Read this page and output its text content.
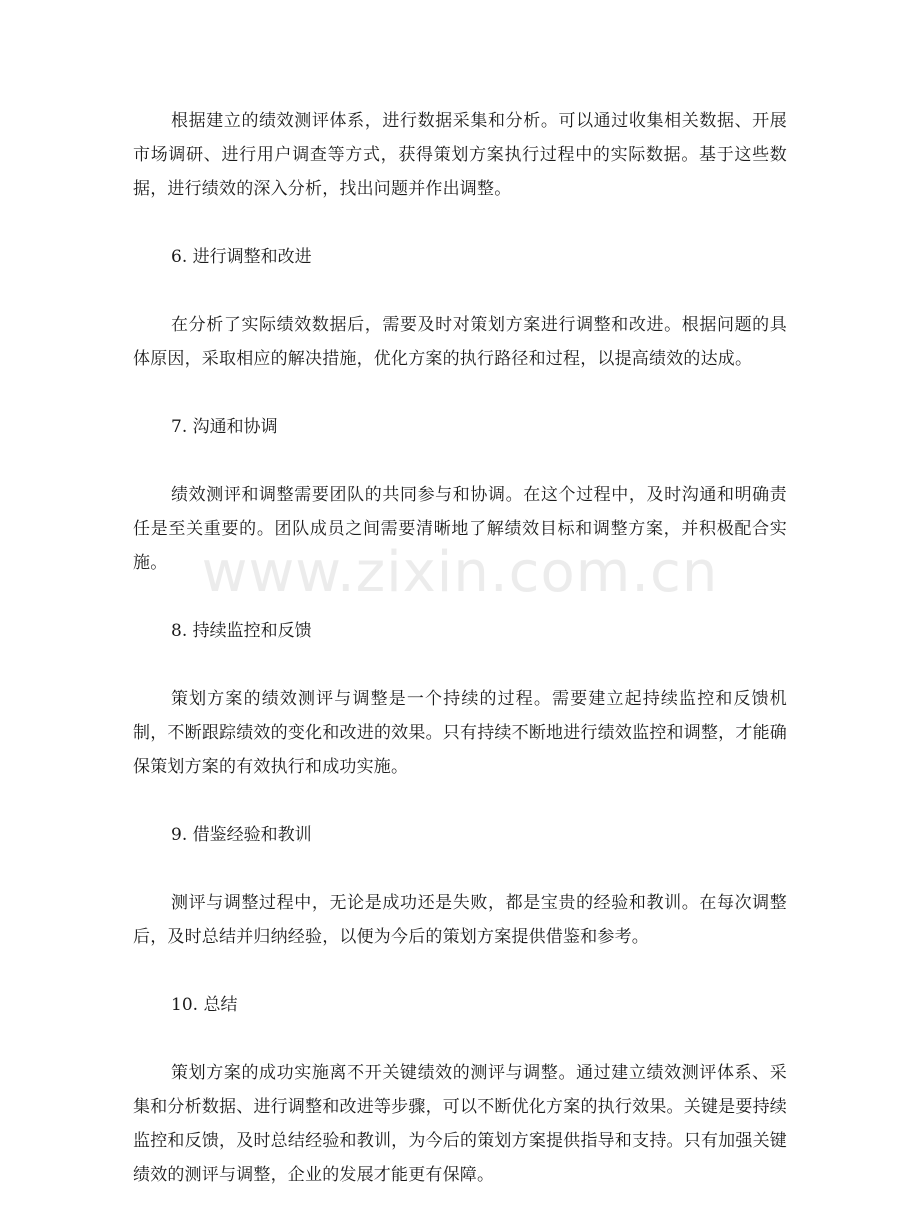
根据建立的绩效测评体系，进行数据采集和分析。可以通过收集相关数据、开展市场调研、进行用户调查等方式，获得策划方案执行过程中的实际数据。基于这些数据，进行绩效的深入分析，找出问题并作出调整。

6. 进行调整和改进

在分析了实际绩效数据后，需要及时对策划方案进行调整和改进。根据问题的具体原因，采取相应的解决措施，优化方案的执行路径和过程，以提高绩效的达成。

7. 沟通和协调

绩效测评和调整需要团队的共同参与和协调。在这个过程中，及时沟通和明确责任是至关重要的。团队成员之间需要清晰地了解绩效目标和调整方案，并积极配合实施。

8. 持续监控和反馈

策划方案的绩效测评与调整是一个持续的过程。需要建立起持续监控和反馈机制，不断跟踪绩效的变化和改进的效果。只有持续不断地进行绩效监控和调整，才能确保策划方案的有效执行和成功实施。

9. 借鉴经验和教训

测评与调整过程中，无论是成功还是失败，都是宝贵的经验和教训。在每次调整后，及时总结并归纳经验，以便为今后的策划方案提供借鉴和参考。

10. 总结

策划方案的成功实施离不开关键绩效的测评与调整。通过建立绩效测评体系、采集和分析数据、进行调整和改进等步骤，可以不断优化方案的执行效果。关键是要持续监控和反馈，及时总结经验和教训，为今后的策划方案提供指导和支持。只有加强关键绩效的测评与调整，企业的发展才能更有保障。

www.zixin.com.cn
